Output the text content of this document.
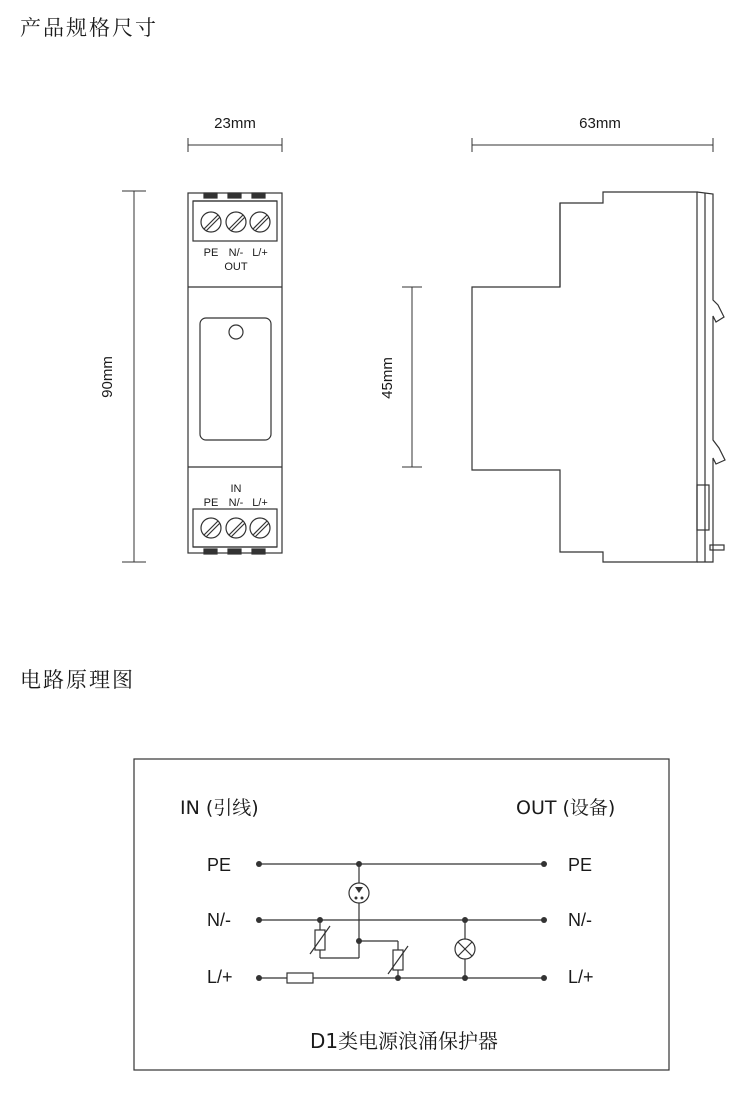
产品规格尺寸
电路原理图
23mm
90mm
PE N/- L/+
OUT
IN
PE N/- L/+
63mm
45mm
IN (引线)	OUT (设备)
PE
N/-
L/+
PE
N/-
L/+
D1类电源浪涌保护器
